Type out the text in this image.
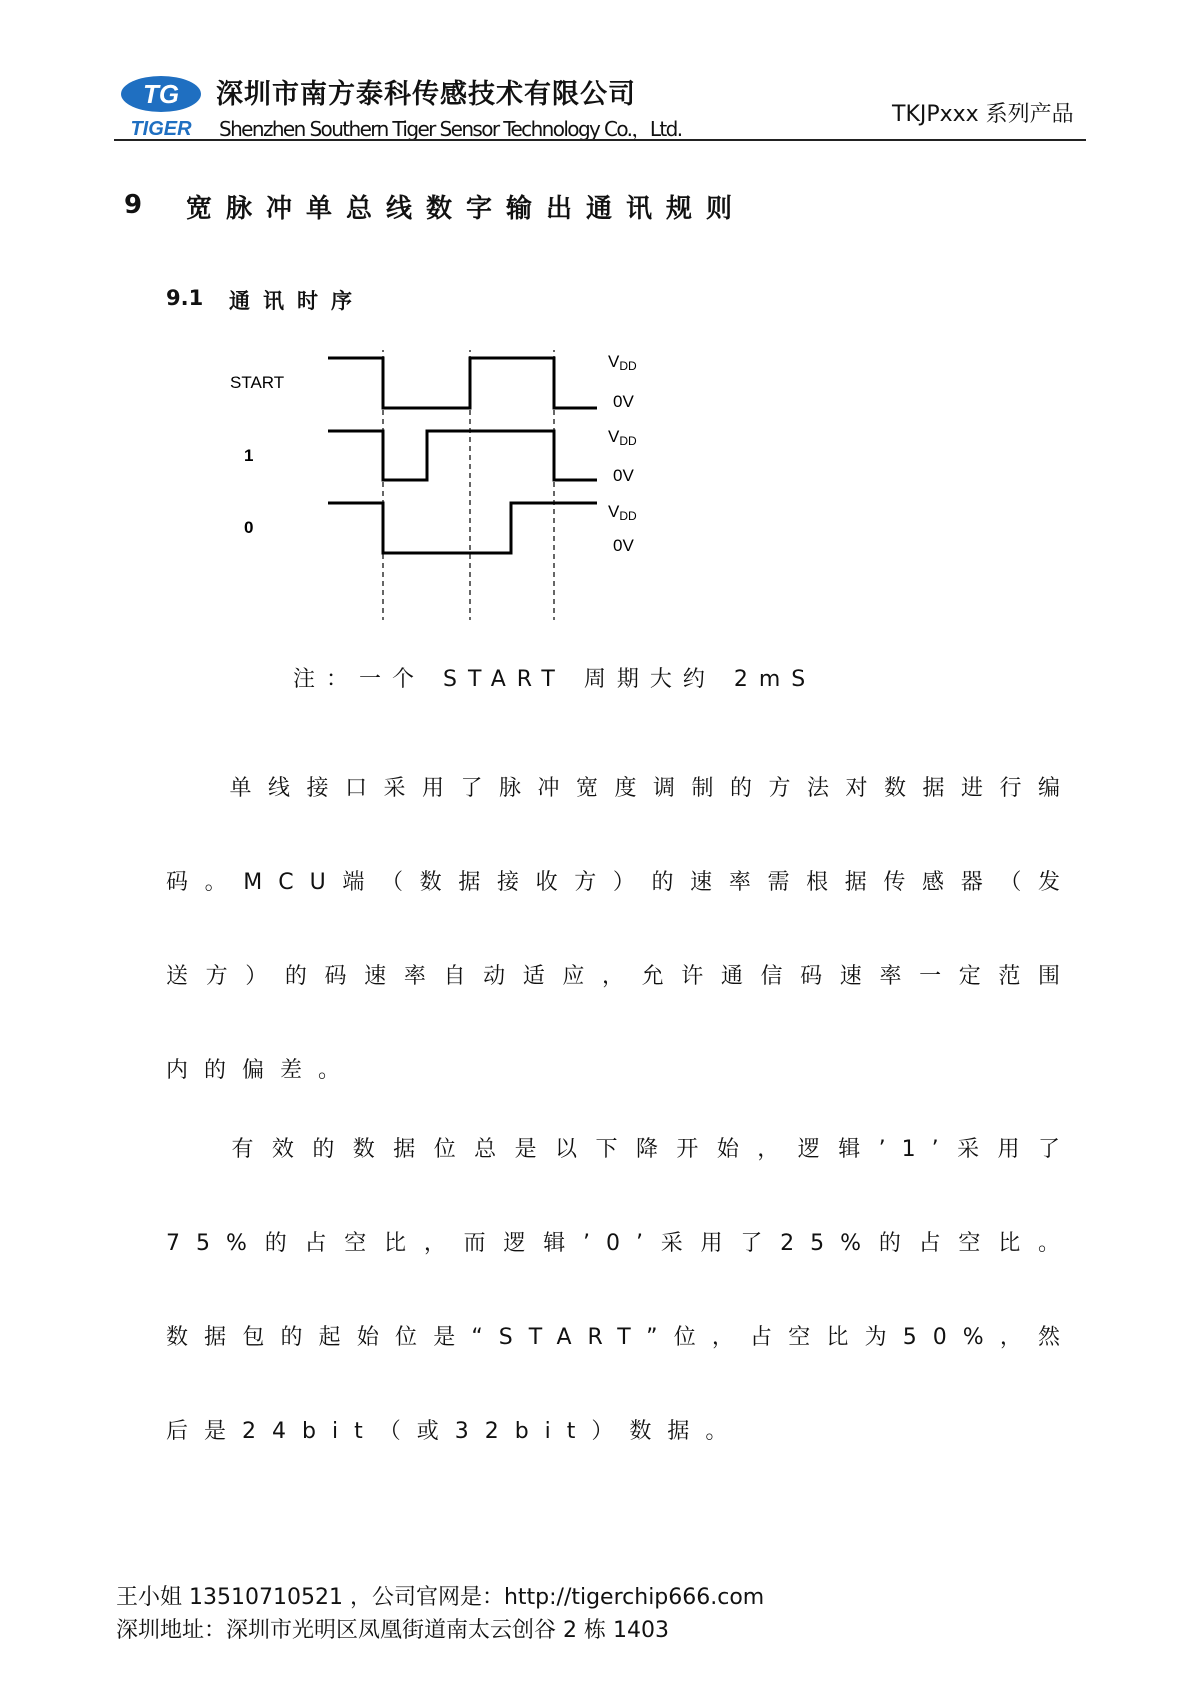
TG
TIGER
深圳市南方泰科传感技术有限公司
Shenzhen Southern Tiger Sensor Technology Co.，Ltd.
TKJPxxx 系列产品
9 宽脉冲单总线数字输出通讯规则
9.1 通讯时序
START
1
0
VDD
0V
VDD
0V
VDD
0V
注：一个 START 周期大约 2mS

单线接口采用了脉冲宽度调制的方法对数据进行编码。MCU端（数据接收方）的速率需根据传感器（发送方）的码速率自动适应，允许通信码速率一定范围内的偏差。

有效的数据位总是以下降开始，逻辑’1’采用了75%的占空比，而逻辑’0’采用了25%的占空比。数据包的起始位是“START”位，占空比为50%，然后是24bit（或32bit）数据。

王小姐 13510710521 ，公司官网是：http://tigerchip666.com
深圳地址：深圳市光明区凤凰街道南太云创谷 2 栋 1403
